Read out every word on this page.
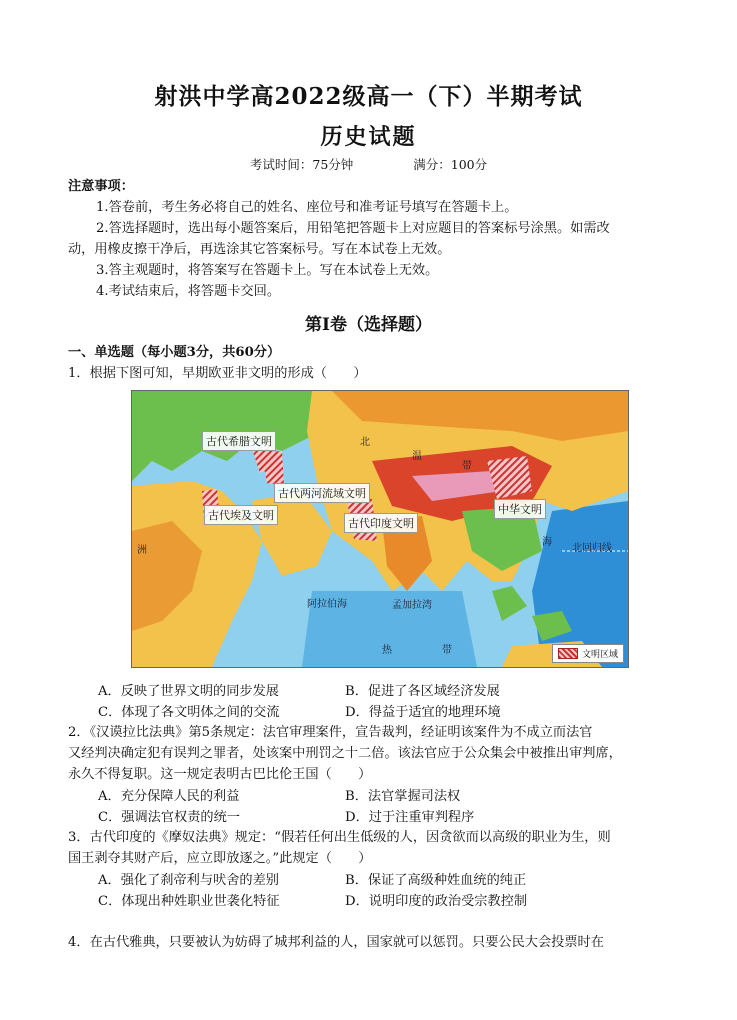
射洪中学高2022级高一（下）半期考试
历史试题
考试时间：75分钟	满分：100分
注意事项：
1.答卷前，考生务必将自己的姓名、座位号和准考证号填写在答题卡上。
2.答选择题时，选出每小题答案后，用铅笔把答题卡上对应题目的答案标号涂黑。如需改
动，用橡皮擦干净后，再选涂其它答案标号。写在本试卷上无效。
3.答主观题时，将答案写在答题卡上。写在本试卷上无效。
4.考试结束后，将答题卡交回。
第I卷（选择题）
一、单选题（每小题3分，共60分）
1．根据下图可知，早期欧亚非文明的形成（　　）
古代希腊文明
古代两河流域文明
古代埃及文明
古代印度文明
中华文明
北
温
带
热	带
阿拉伯海	孟加拉湾
北回归线
洲
海
文明区域
A．反映了世界文明的同步发展	B．促进了各区域经济发展
C．体现了各文明体之间的交流	D．得益于适宜的地理环境
2．《汉谟拉比法典》第5条规定：法官审理案件，宣告裁判，经证明该案件为不成立而法官
又经判决确定犯有误判之罪者，处该案中刑罚之十二倍。该法官应于公众集会中被推出审判席，
永久不得复职。这一规定表明古巴比伦王国（　　）
A．充分保障人民的利益	B．法官掌握司法权
C．强调法官权责的统一	D．过于注重审判程序
3．古代印度的《摩奴法典》规定：“假若任何出生低级的人，因贪欲而以高级的职业为生，则
国王剥夺其财产后，应立即放逐之。”此规定（　　）
A．强化了刹帝利与吠舍的差别	B．保证了高级种姓血统的纯正
C．体现出种姓职业世袭化特征	D．说明印度的政治受宗教控制
4．在古代雅典，只要被认为妨碍了城邦利益的人，国家就可以惩罚。只要公民大会投票时在
